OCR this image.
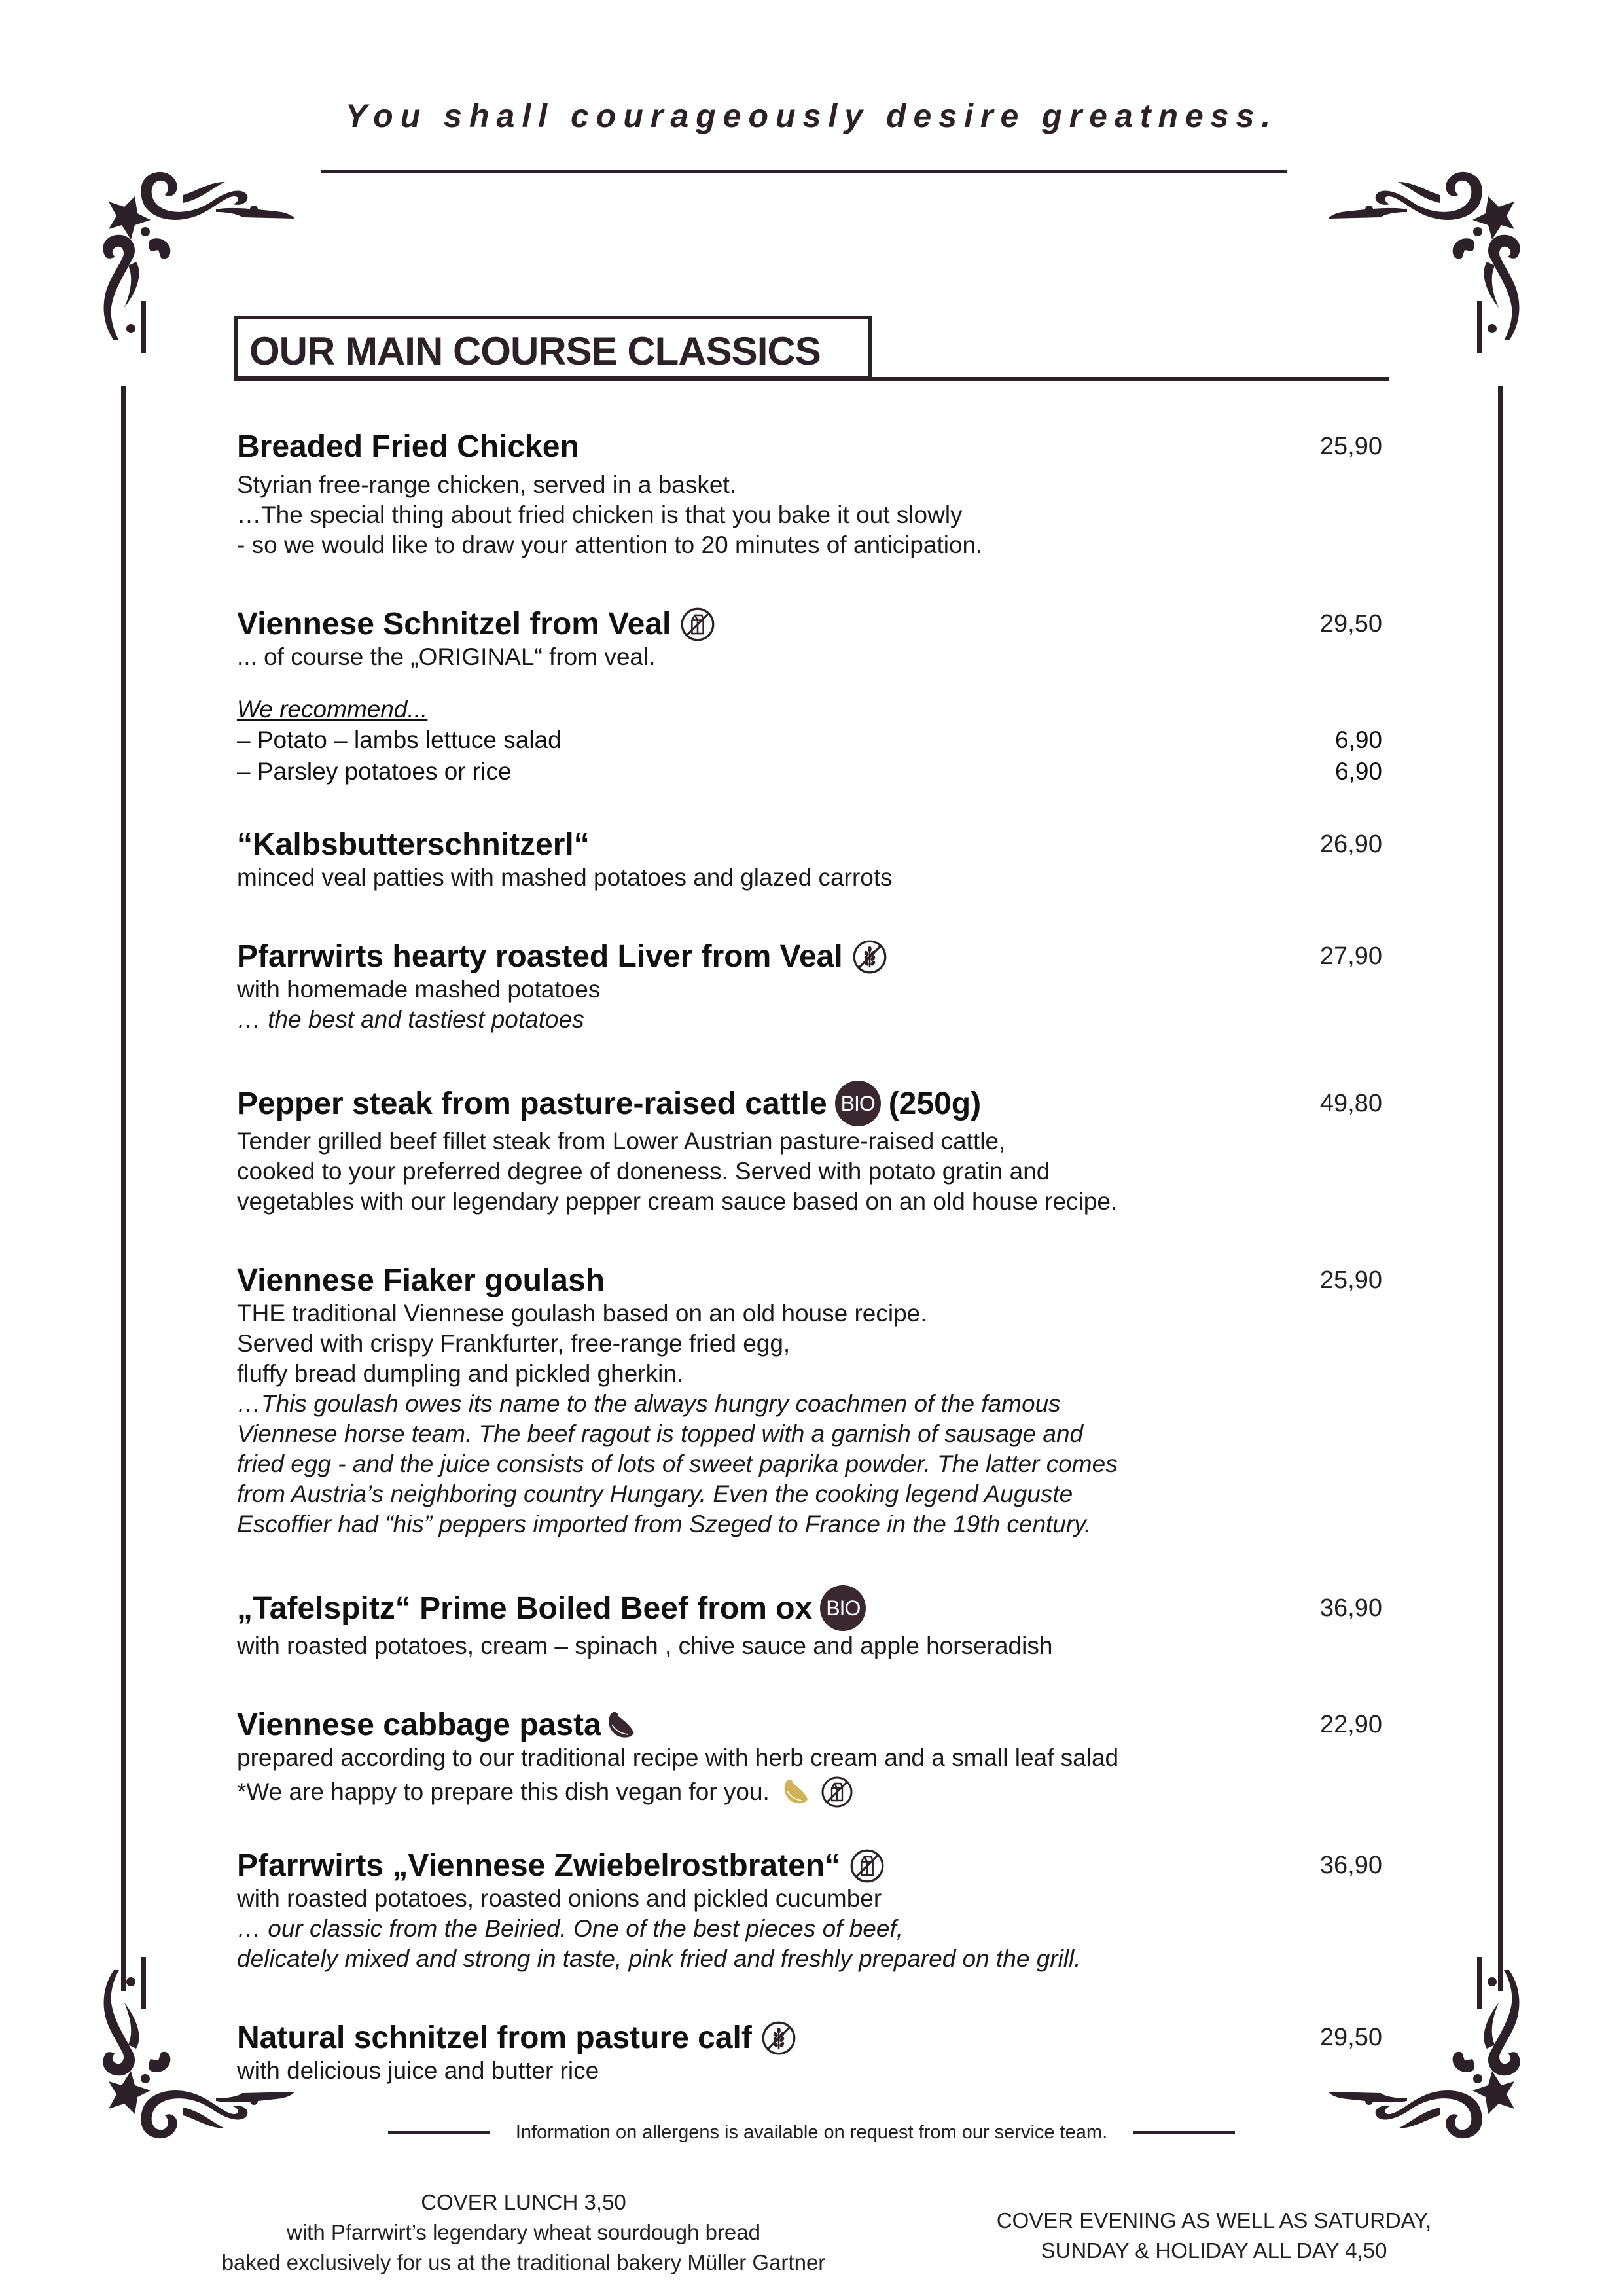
You shall courageously desire greatness.
OUR MAIN COURSE CLASSICS
Breaded Fried Chicken	25,90
Styrian free-range chicken, served in a basket.
…The special thing about fried chicken is that you bake it out slowly
- so we would like to draw your attention to 20 minutes of anticipation.
Viennese Schnitzel from Veal	29,50
... of course the „ORIGINAL“ from veal.
We recommend...
– Potato – lambs lettuce salad	6,90
– Parsley potatoes or rice	6,90
“Kalbsbutterschnitzerl“	26,90
minced veal patties with mashed potatoes and glazed carrots
Pfarrwirts hearty roasted Liver from Veal	27,90
with homemade mashed potatoes
… the best and tastiest potatoes
Pepper steak from pasture-raised cattle BIO (250g)	49,80
Tender grilled beef fillet steak from Lower Austrian pasture-raised cattle,
cooked to your preferred degree of doneness. Served with potato gratin and
vegetables with our legendary pepper cream sauce based on an old house recipe.
Viennese Fiaker goulash	25,90
THE traditional Viennese goulash based on an old house recipe.
Served with crispy Frankfurter, free-range fried egg,
fluffy bread dumpling and pickled gherkin.
…This goulash owes its name to the always hungry coachmen of the famous
Viennese horse team. The beef ragout is topped with a garnish of sausage and
fried egg - and the juice consists of lots of sweet paprika powder. The latter comes
from Austria’s neighboring country Hungary. Even the cooking legend Auguste
Escoffier had “his” peppers imported from Szeged to France in the 19th century.
„Tafelspitz“ Prime Boiled Beef from ox BIO	36,90
with roasted potatoes, cream – spinach , chive sauce and apple horseradish
Viennese cabbage pasta	22,90
prepared according to our traditional recipe with herb cream and a small leaf salad
*We are happy to prepare this dish vegan for you.
Pfarrwirts „Viennese Zwiebelrostbraten“	36,90
with roasted potatoes, roasted onions and pickled cucumber
… our classic from the Beiried. One of the best pieces of beef,
delicately mixed and strong in taste, pink fried and freshly prepared on the grill.
Natural schnitzel from pasture calf	29,50
with delicious juice and butter rice
Information on allergens is available on request from our service team.
COVER LUNCH 3,50
with Pfarrwirt’s legendary wheat sourdough bread
baked exclusively for us at the traditional bakery Müller Gartner
COVER EVENING AS WELL AS SATURDAY,
SUNDAY & HOLIDAY ALL DAY 4,50
